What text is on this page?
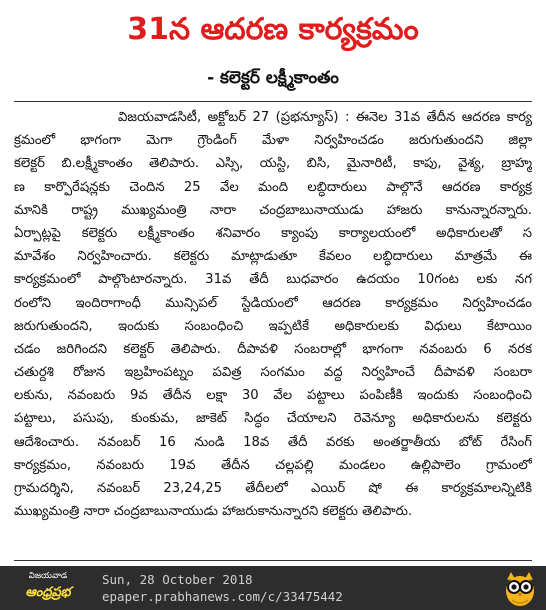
31న ఆదరణ కార్యక్రమం
- కలెక్టర్ లక్ష్మీకాంతం
విజయవాడసిటీ, అక్టోబర్ 27 (ప్రభన్యూస్) : ఈనెల 31వ తేదీన ఆదరణ కార్య
క్రమంలో భాగంగా మెగా గ్రౌండింగ్ మేళా నిర్వహించడం జరుగుతుందని జిల్లా
కలెక్టర్ బి.లక్ష్మీకాంతం తెలిపారు. ఎస్సి, యస్టి, బిసి, మైనారిటీ, కాపు, వైశ్య, బ్రాహ్మ
ణ కార్పొరేషన్లకు చెందిన 25 వేల మంది లబ్ధిదారులు పాల్గొనే ఆదరణ కార్యక్ర
మానికి రాష్ట్ర ముఖ్యమంత్రి నారా చంద్రబాబునాయుడు హాజరు కానున్నారన్నారు.
ఏర్పాట్లపై కలెక్టరు లక్ష్మీకాంతం శనివారం క్యాంపు కార్యాలయంలో అధికారులతో స
మావేశం నిర్వహించారు. కలెక్టరు మాట్లాడుతూ కేవలం లబ్ధిదారులు మాత్రమే ఈ
కార్యక్రమంలో పాల్గొంటారన్నారు. 31వ తేదీ బుధవారం ఉదయం 10గంట లకు నగ
రంలోని ఇందిరాగాంధీ మున్సిపల్ స్టేడియంలో ఆదరణ కార్యక్రమం నిర్వహించడం
జరుగుతుందని, ఇందుకు సంబంధించి ఇప్పటికే అధికారులకు విధులు కేటాయిం
చడం జరిగిందని కలెక్టర్ తెలిపారు. దీపావళి సంబరాల్లో భాగంగా నవంబరు 6 నరక
చతుర్దశి రోజున ఇబ్రహింపట్నం పవిత్ర సంగమం వద్ద నిర్వహించే దీపావళి సంబరా
లకును, నవంబరు 9వ తేదీన లక్షా 30 వేల పట్టాలు పంపిణీకి ఇందుకు సంబంధించి
పట్టాలు, పసుపు, కుంకుమ, జాకెట్ సిద్ధం చేయాలని రెవెన్యూ అధికారులను కలెక్టరు
ఆదేశించారు. నవంబర్ 16 నుండి 18వ తేదీ వరకు అంతర్జాతీయ బోట్ రేసింగ్
కార్యక్రమం, నవంబరు 19వ తేదీన చల్లపల్లి మండలం ఉల్లిపాలెం గ్రామంలో
గ్రామదర్శిని, నవంబర్ 23,24,25 తేదీలలో ఎయిర్ షో ఈ కార్యక్రమాలన్నిటికి
ముఖ్యమంత్రి నారా చంద్రబాబునాయుడు హాజరుకానున్నారని కలెక్టరు తెలిపారు.
విజయవాడ
ఆంధ్రప్రభ
Sun, 28 October 2018
epaper.prabhanews.com/c/33475442
